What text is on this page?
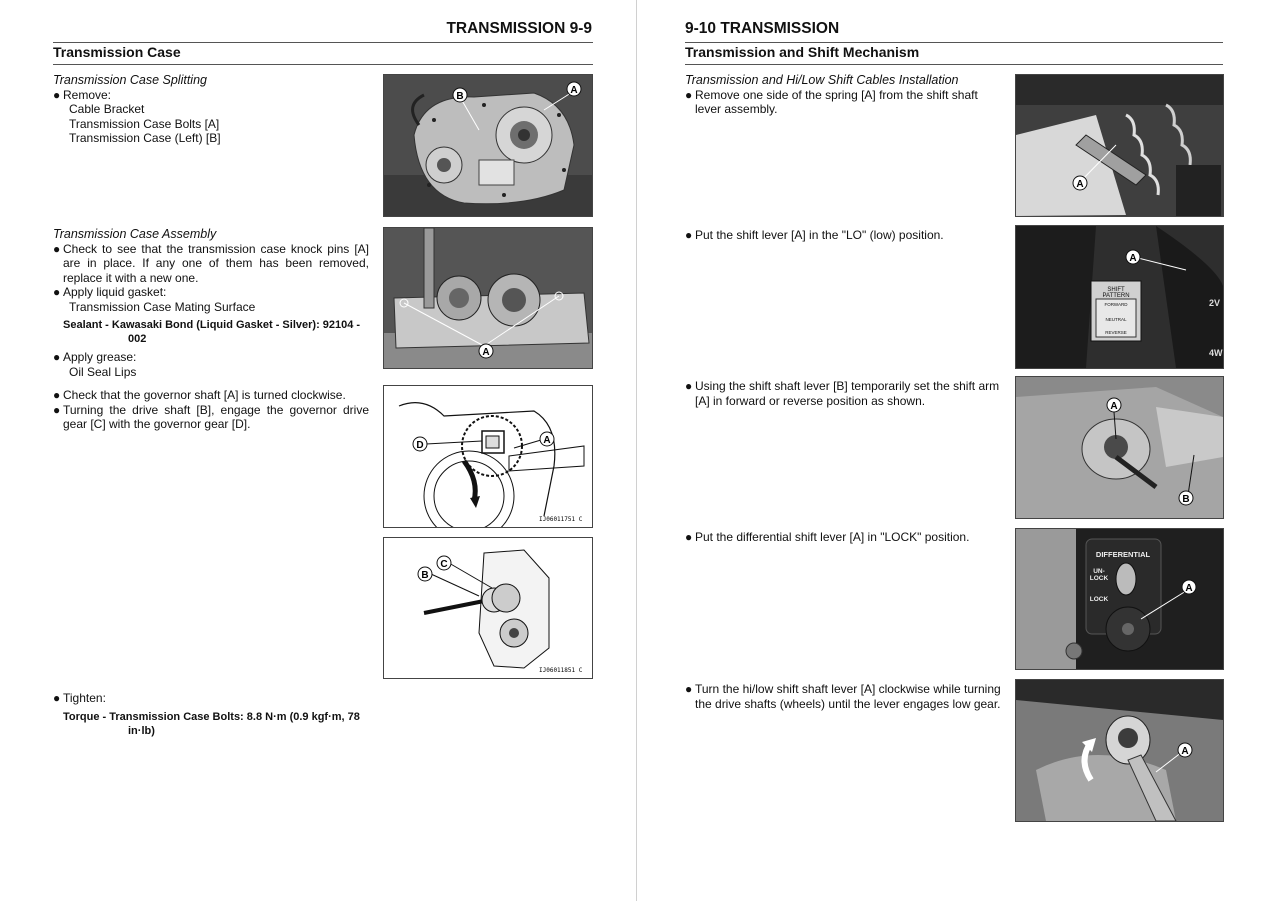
TRANSMISSION 9-9
Transmission Case
Transmission Case Splitting
● Remove:
Cable Bracket
Transmission Case Bolts [A]
Transmission Case (Left) [B]
Transmission Case Assembly
● Check to see that the transmission case knock pins [A] are in place. If any one of them has been removed, replace it with a new one.
● Apply liquid gasket:
Transmission Case Mating Surface
Sealant - Kawasaki Bond (Liquid Gasket - Silver): 92104 -
002
● Apply grease:
Oil Seal Lips
● Check that the governor shaft [A] is turned clockwise.
● Turning the drive shaft [B], engage the governor drive gear [C] with the governor gear [D].
● Tighten:
Torque - Transmission Case Bolts: 8.8 N·m (0.9 kgf·m, 78
in·lb)
B
A
A
D	A
IJ06011751 C
B
C
IJ06011851 C
9-10 TRANSMISSION
Transmission and Shift Mechanism
Transmission and Hi/Low Shift Cables Installation
● Remove one side of the spring [A] from the shift shaft lever assembly.
● Put the shift lever [A] in the "LO" (low) position.
● Using the shift shaft lever [B] temporarily set the shift arm [A] in forward or reverse position as shown.
● Put the differential shift lever [A] in "LOCK" position.
● Turn the hi/low shift shaft lever [A] clockwise while turning the drive shafts (wheels) until the lever engages low gear.
A
SHIFT
PATTERN
FORWARD
NEUTRAL
REVERSE
2V
4W
A
A
B
DIFFERENTIAL
UN-
LOCK
LOCK
A
A
